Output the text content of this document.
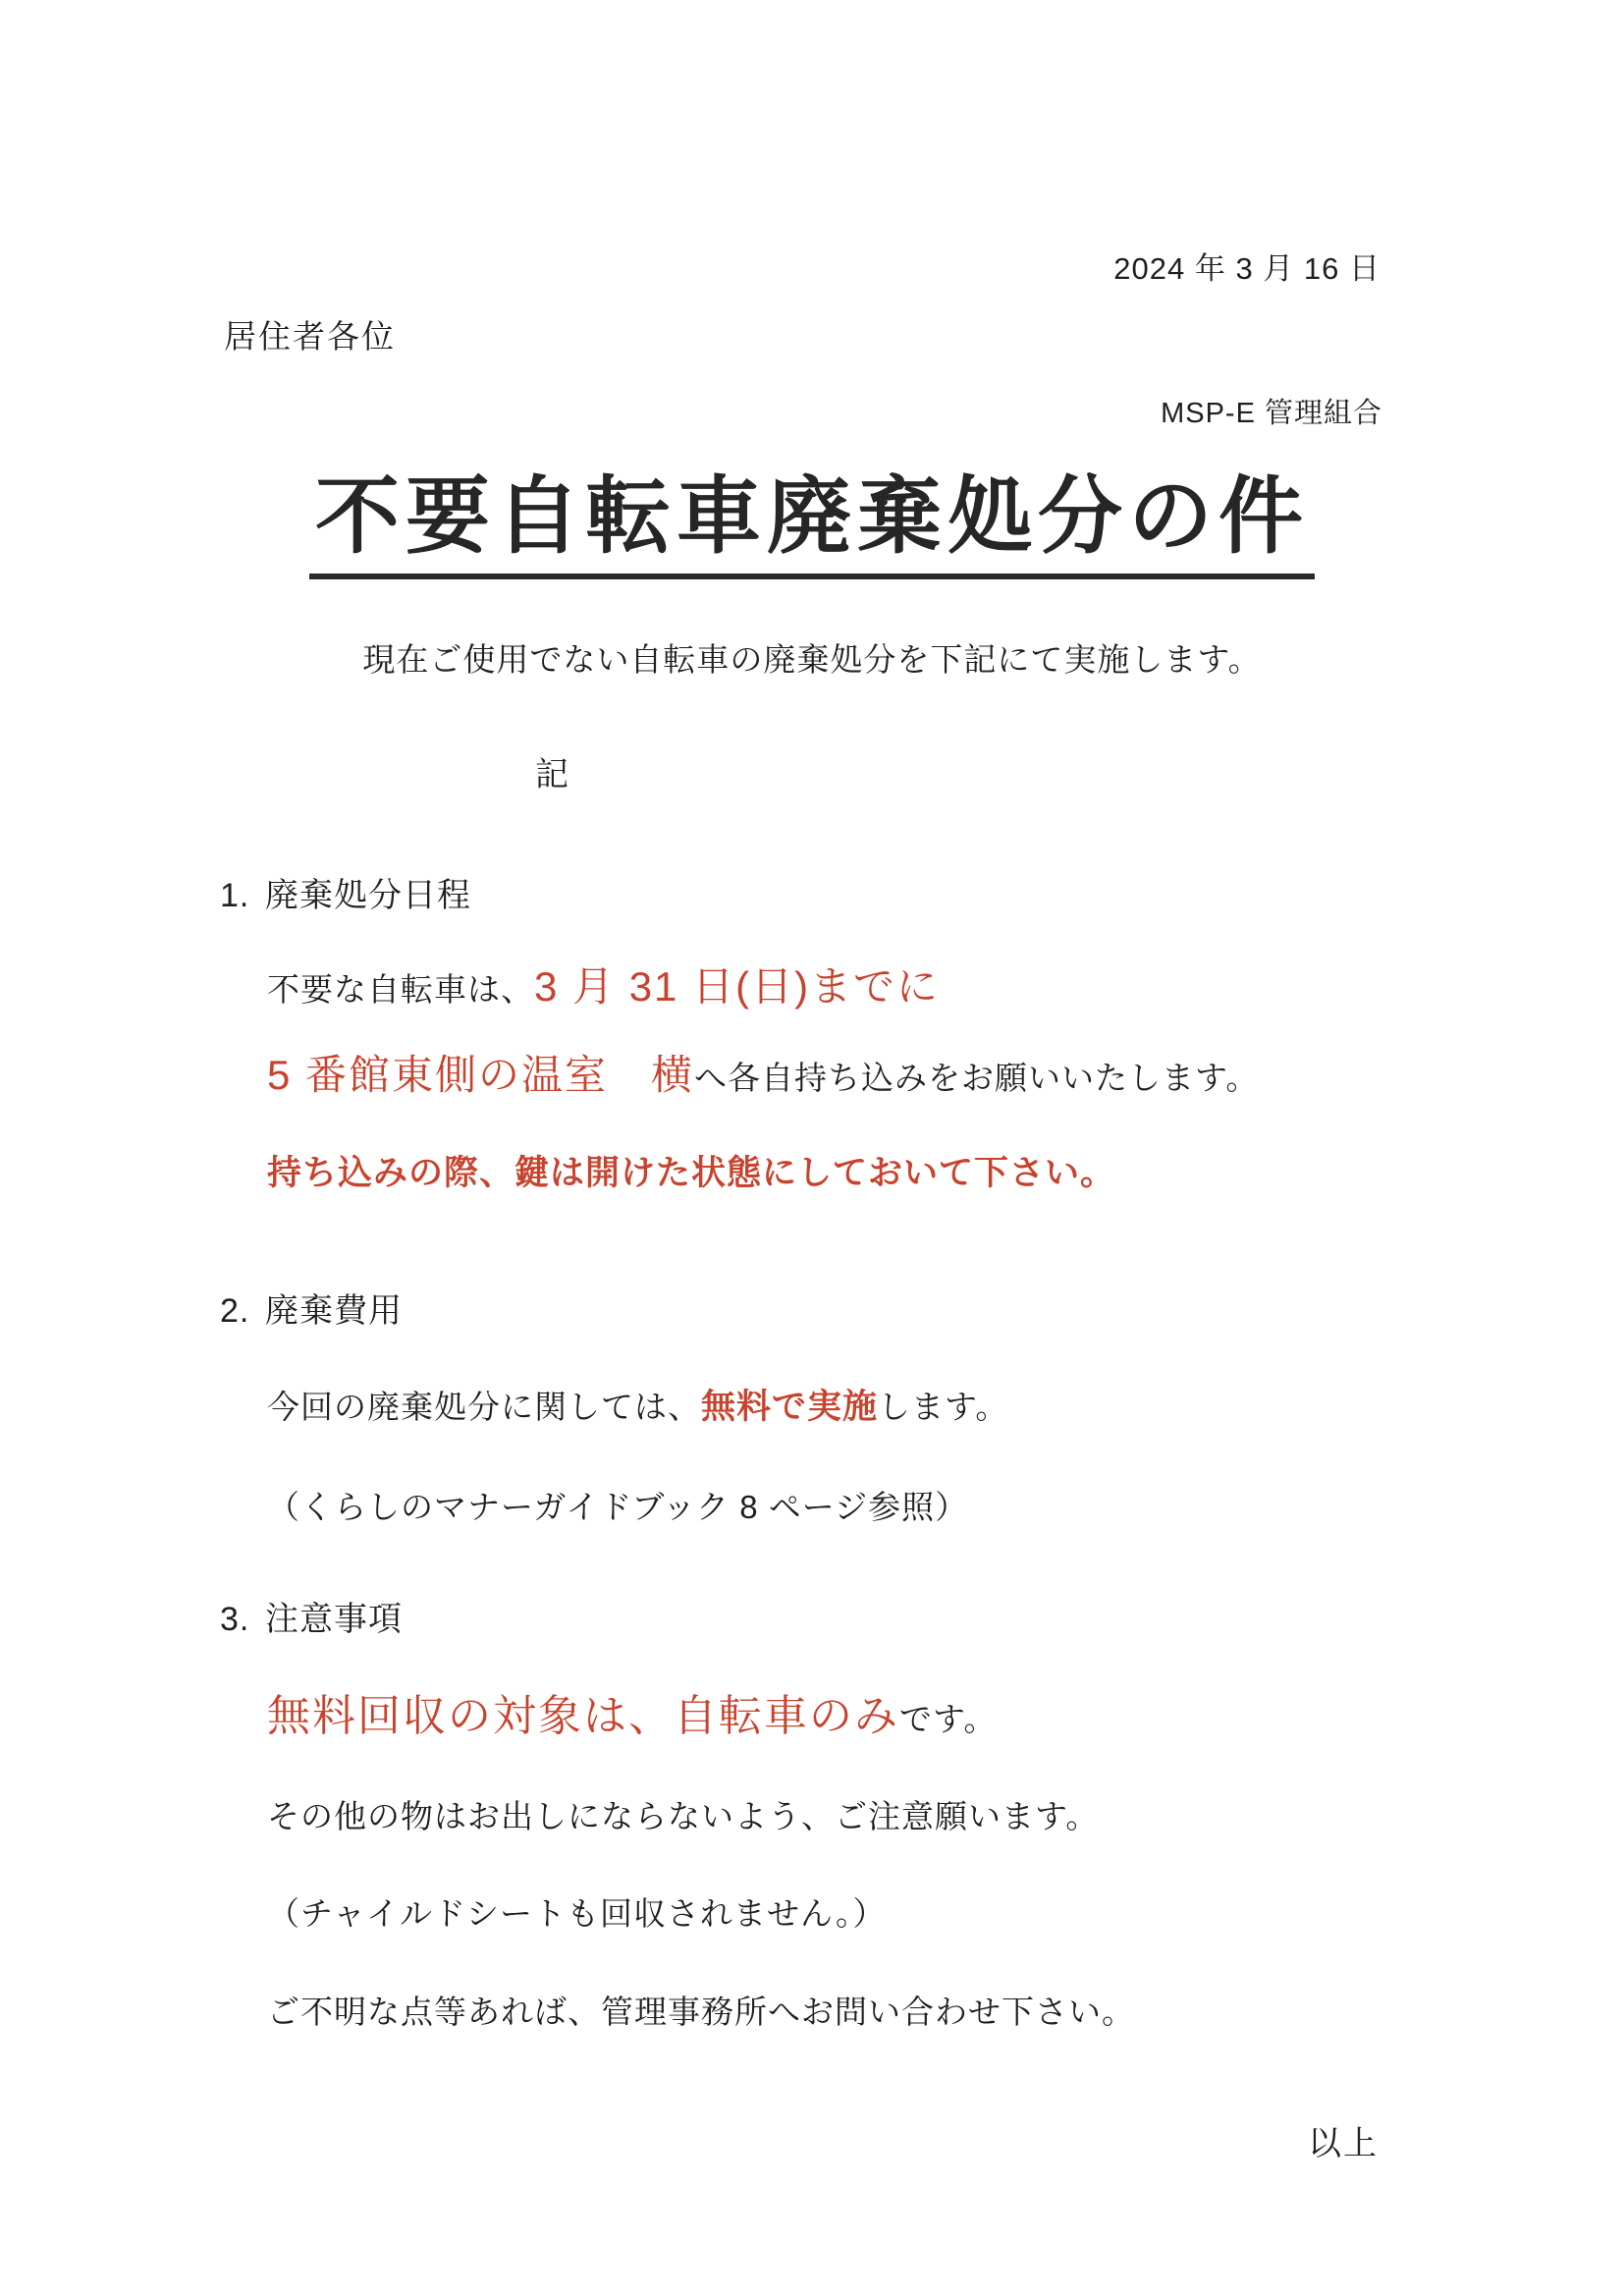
2024 年 3 月 16 日
居住者各位
MSP-E 管理組合
不要自転車廃棄処分の件
現在ご使用でない自転車の廃棄処分を下記にて実施します。
記
1. 廃棄処分日程
不要な自転車は、3 月 31 日(日)までに
5 番館東側の温室　横へ各自持ち込みをお願いいたします。
持ち込みの際、鍵は開けた状態にしておいて下さい。
2. 廃棄費用
今回の廃棄処分に関しては、無料で実施します。
（くらしのマナーガイドブック 8 ページ参照）
3. 注意事項
無料回収の対象は、自転車のみです。
その他の物はお出しにならないよう、ご注意願います。
（チャイルドシートも回収されません。）
ご不明な点等あれば、管理事務所へお問い合わせ下さい。
以上
